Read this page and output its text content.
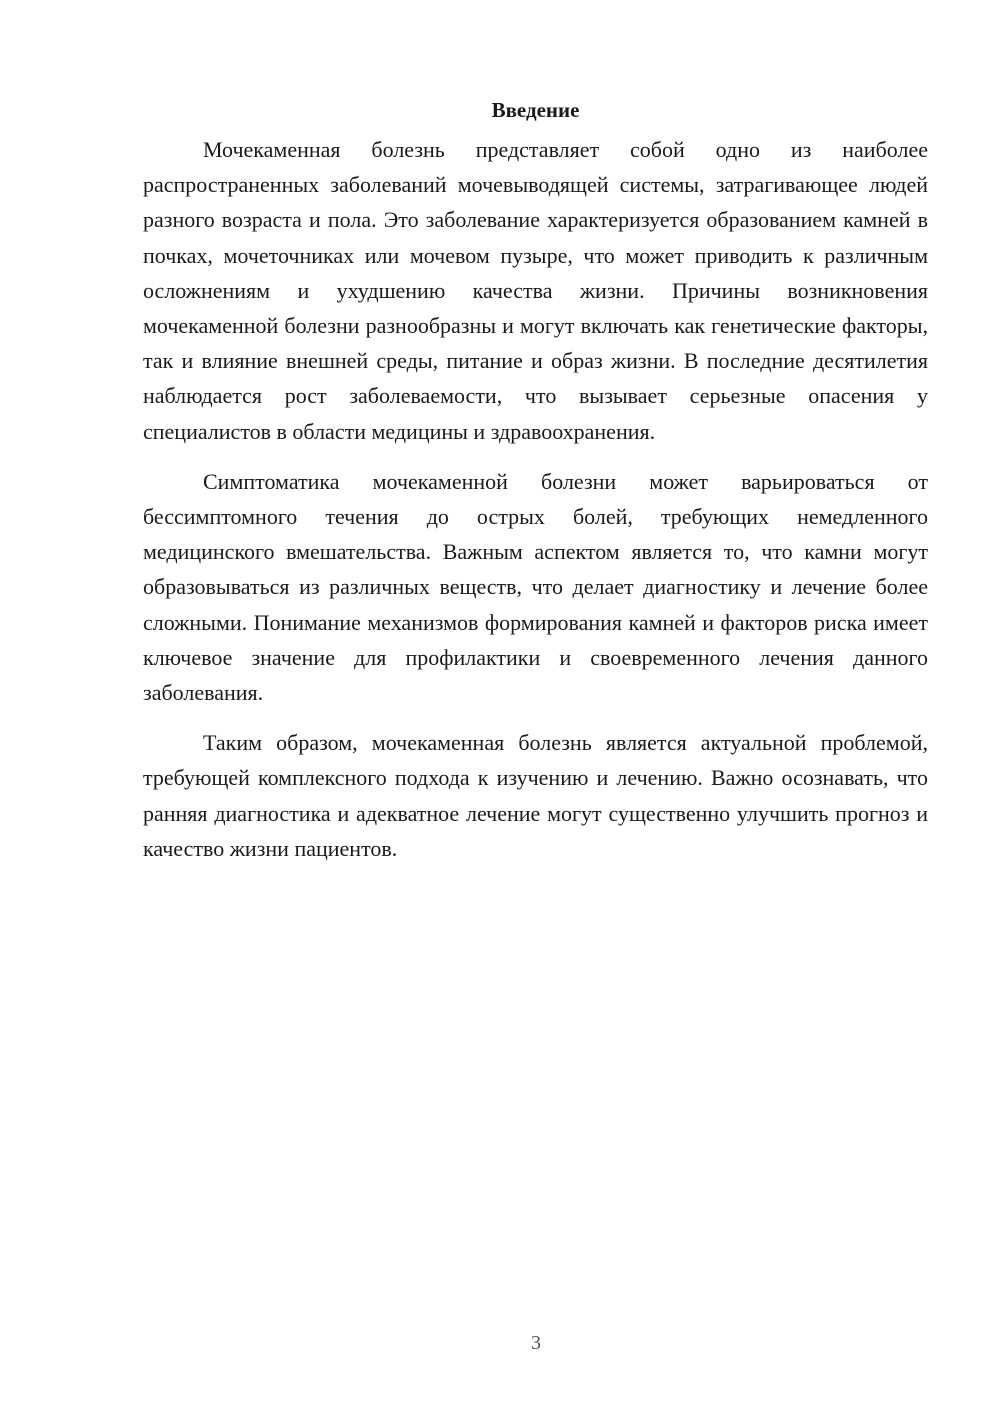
Введение

Мочекаменная болезнь представляет собой одно из наиболее распространенных заболеваний мочевыводящей системы, затрагивающее людей разного возраста и пола. Это заболевание характеризуется образованием камней в почках, мочеточниках или мочевом пузыре, что может приводить к различным осложнениям и ухудшению качества жизни. Причины возникновения мочекаменной болезни разнообразны и могут включать как генетические факторы, так и влияние внешней среды, питание и образ жизни. В последние десятилетия наблюдается рост заболеваемости, что вызывает серьезные опасения у специалистов в области медицины и здравоохранения.

Симптоматика мочекаменной болезни может варьироваться от бессимптомного течения до острых болей, требующих немедленного медицинского вмешательства. Важным аспектом является то, что камни могут образовываться из различных веществ, что делает диагностику и лечение более сложными. Понимание механизмов формирования камней и факторов риска имеет ключевое значение для профилактики и своевременного лечения данного заболевания.

Таким образом, мочекаменная болезнь является актуальной проблемой, требующей комплексного подхода к изучению и лечению. Важно осознавать, что ранняя диагностика и адекватное лечение могут существенно улучшить прогноз и качество жизни пациентов.

3
